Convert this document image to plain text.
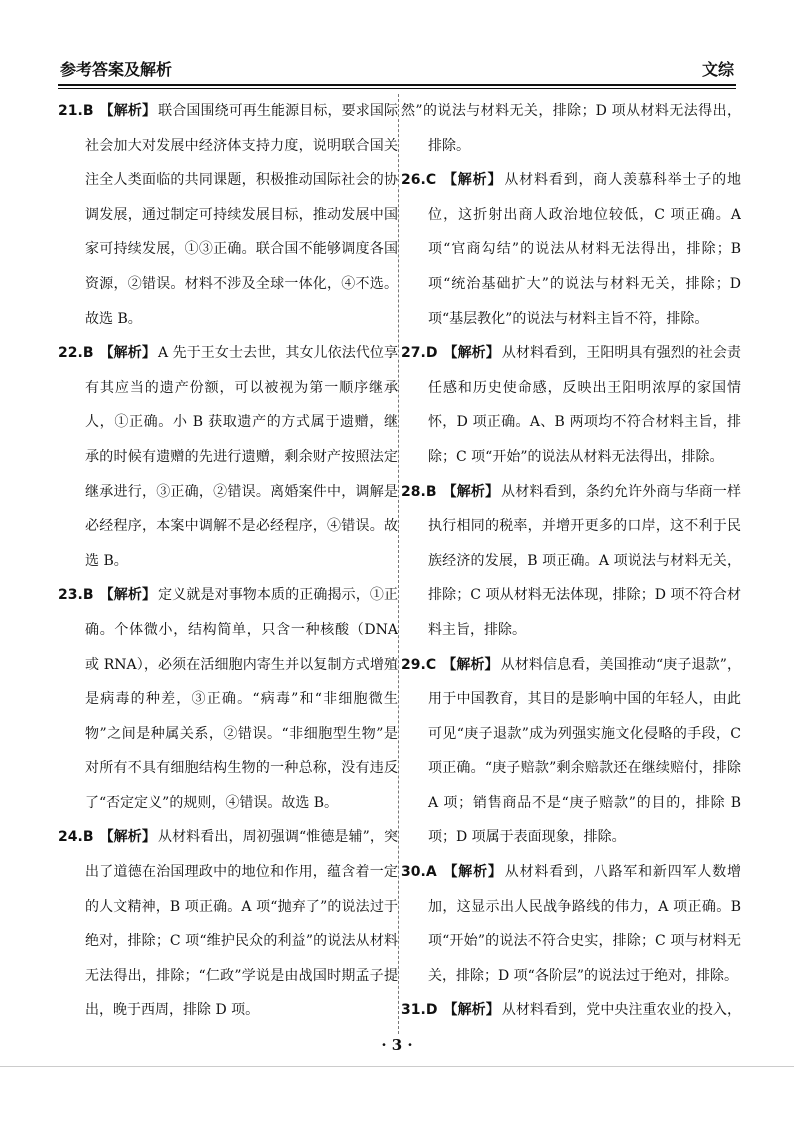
参考答案及解析	文综

21.B 【解析】 联合国围绕可再生能源目标，要求国际社会加大对发展中经济体支持力度，说明联合国关注全人类面临的共同课题，积极推动国际社会的协调发展，通过制定可持续发展目标，推动发展中国家可持续发展，①③正确。联合国不能够调度各国资源，②错误。材料不涉及全球一体化，④不选。故选 B。

22.B 【解析】 A 先于王女士去世，其女儿依法代位享有其应当的遗产份额，可以被视为第一顺序继承人，①正确。小 B 获取遗产的方式属于遗赠，继承的时候有遗赠的先进行遗赠，剩余财产按照法定继承进行，③正确，②错误。离婚案件中，调解是必经程序，本案中调解不是必经程序，④错误。故选 B。

23.B 【解析】 定义就是对事物本质的正确揭示，①正确。个体微小，结构简单，只含一种核酸（DNA 或 RNA），必须在活细胞内寄生并以复制方式增殖是病毒的种差，③正确。“病毒”和“非细胞微生物”之间是种属关系，②错误。“非细胞型生物”是对所有不具有细胞结构生物的一种总称，没有违反了“否定定义”的规则，④错误。故选 B。

24.B 【解析】 从材料看出，周初强调“惟德是辅”，突出了道德在治国理政中的地位和作用，蕴含着一定的人文精神，B 项正确。A 项“抛弃了”的说法过于绝对，排除；C 项“维护民众的利益”的说法从材料无法得出，排除；“仁政”学说是由战国时期孟子提出，晚于西周，排除 D 项。

然”的说法与材料无关，排除；D 项从材料无法得出，排除。

26.C 【解析】 从材料看到，商人羡慕科举士子的地位，这折射出商人政治地位较低，C 项正确。A 项“官商勾结”的说法从材料无法得出，排除；B 项“统治基础扩大”的说法与材料无关，排除；D 项“基层教化”的说法与材料主旨不符，排除。

27.D 【解析】 从材料看到，王阳明具有强烈的社会责任感和历史使命感，反映出王阳明浓厚的家国情怀，D 项正确。A、B 两项均不符合材料主旨，排除；C 项“开始”的说法从材料无法得出，排除。

28.B 【解析】 从材料看到，条约允许外商与华商一样执行相同的税率，并增开更多的口岸，这不利于民族经济的发展，B 项正确。A 项说法与材料无关，排除；C 项从材料无法体现，排除；D 项不符合材料主旨，排除。

29.C 【解析】 从材料信息看，美国推动“庚子退款”，用于中国教育，其目的是影响中国的年轻人，由此可见“庚子退款”成为列强实施文化侵略的手段，C 项正确。“庚子赔款”剩余赔款还在继续赔付，排除 A 项；销售商品不是“庚子赔款”的目的，排除 B 项；D 项属于表面现象，排除。

30.A 【解析】 从材料看到，八路军和新四军人数增加，这显示出人民战争路线的伟力，A 项正确。B 项“开始”的说法不符合史实，排除；C 项与材料无关，排除；D 项“各阶层”的说法过于绝对，排除。

31.D 【解析】 从材料看到，党中央注重农业的投入，

· 3 ·
